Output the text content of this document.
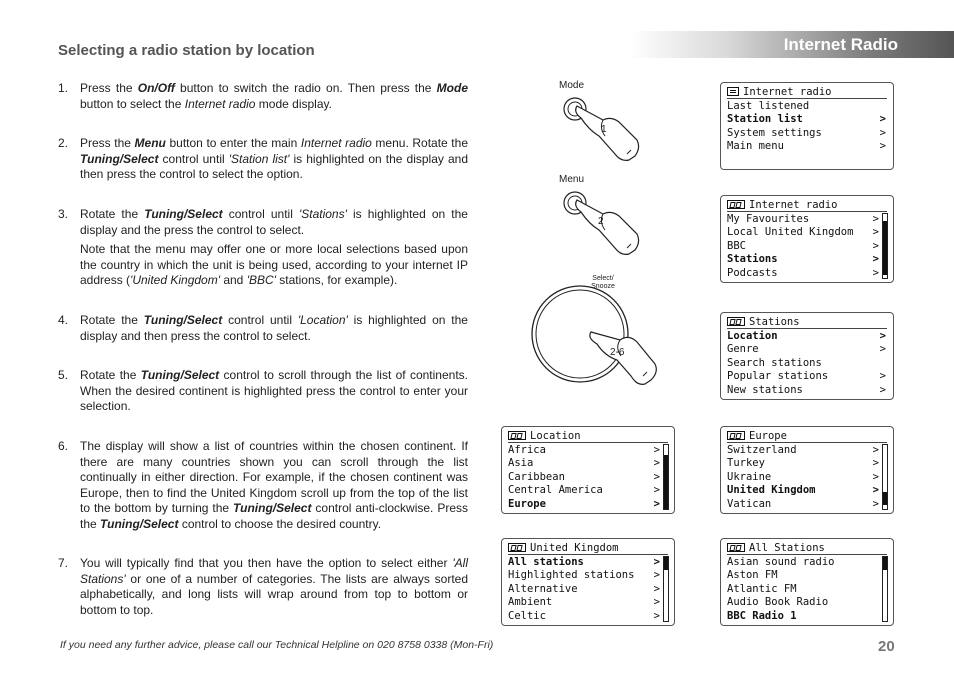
Selecting a radio station by location	Internet Radio
1. Press the On/Off button to switch the radio on. Then press the Mode button to select the Internet radio mode display.

2. Press the Menu button to enter the main Internet radio menu. Rotate the Tuning/Select control until 'Station list' is highlighted on the display and then press the control to select the option.

3. Rotate the Tuning/Select control until 'Stations' is highlighted on the display and the press the control to select.

Note that the menu may offer one or more local selections based upon the country in which the unit is being used, according to your internet IP address ('United Kingdom' and 'BBC' stations, for example).

4. Rotate the Tuning/Select control until 'Location' is highlighted on the display and then press the control to select.

5. Rotate the Tuning/Select control to scroll through the list of continents. When the desired continent is highlighted press the control to enter your selection.

6. The display will show a list of countries within the chosen continent. If there are many countries shown you can scroll through the list continually in either direction. For example, if the chosen continent was Europe, then to find the United Kingdom scroll up from the top of the list to the bottom by turning the Tuning/Select control anti-clockwise. Press the Tuning/Select control to choose the desired country.

7. You will typically find that you then have the option to select either 'All Stations' or one of a number of categories. The lists are always sorted alphabetically, and long lists will wrap around from top to bottom or bottom to top.

Mode
1
Menu
2
Select/
Snooze
2-6
Internet radio
Last listened
Station list	>
System settings	>
Main menu	>
Internet radio
My Favourites	>
Local United Kingdom >
BBC	>
Stations	>
Podcasts	>
Stations
Location	>
Genre	>
Search stations
Popular stations	>
New stations	>
Location
Africa	>
Asia	>
Caribbean	>
Central America	>
Europe	>
Europe
Switzerland	>
Turkey	>
Ukraine	>
United Kingdom	>
Vatican	>
United Kingdom
All stations	>
Highlighted stations >
Alternative	>
Ambient	>
Celtic	>
All Stations
Asian sound radio
Aston FM
Atlantic FM
Audio Book Radio
BBC Radio 1
If you need any further advice, please call our Technical Helpline on 020 8758 0338 (Mon-Fri)	20
